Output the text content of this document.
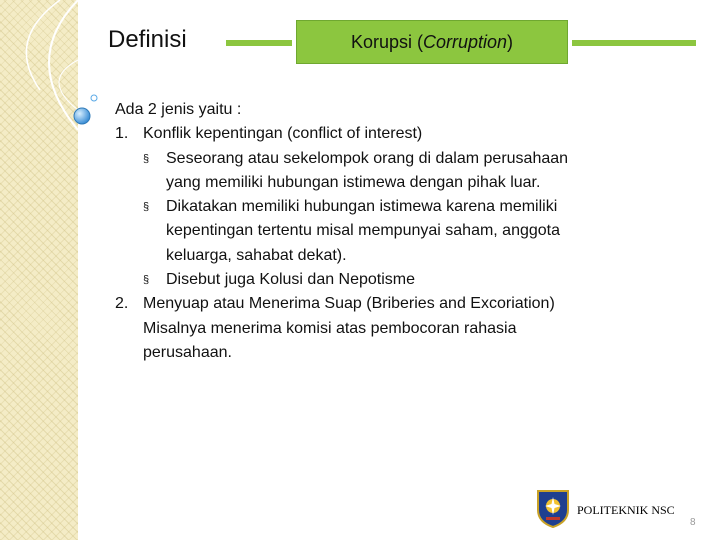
Definisi	Korupsi ( Corruption )
Ada 2 jenis yaitu :
1. Konflik kepentingan (conflict of interest)
§ Seseorang atau sekelompok orang di dalam perusahaan
yang memiliki hubungan istimewa dengan pihak luar.
§ Dikatakan memiliki hubungan istimewa karena memiliki
kepentingan tertentu misal mempunyai saham, anggota
keluarga, sahabat dekat).
§ Disebut juga Kolusi dan Nepotisme
2. Menyuap atau Menerima Suap (Briberies and Excoriation)
Misalnya menerima komisi atas pembocoran rahasia
perusahaan.
POLITEKNIK NSC
8
